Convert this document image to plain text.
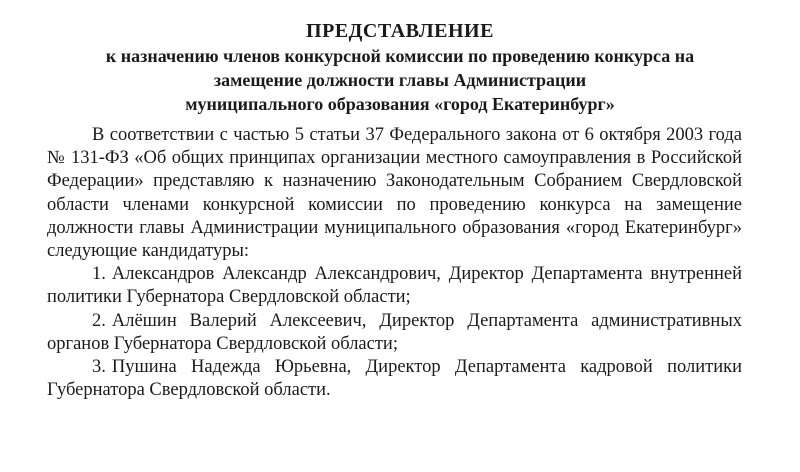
ПРЕДСТАВЛЕНИЕ
к назначению членов конкурсной комиссии по проведению конкурса на
замещение должности главы Администрации
муниципального образования «город Екатеринбург»

В соответствии с частью 5 статьи 37 Федерального закона от 6 октября 2003 года № 131-ФЗ «Об общих принципах организации местного самоуправления в Российской Федерации» представляю к назначению Законодательным Собранием Свердловской области членами конкурсной комиссии по проведению конкурса на замещение должности главы Администрации муниципального образования «город Екатеринбург» следующие кандидатуры:

1. Александров Александр Александрович, Директор Департамента внутренней политики Губернатора Свердловской области;

2. Алёшин Валерий Алексеевич, Директор Департамента административных органов Губернатора Свердловской области;

3. Пушина Надежда Юрьевна, Директор Департамента кадровой политики Губернатора Свердловской области.
